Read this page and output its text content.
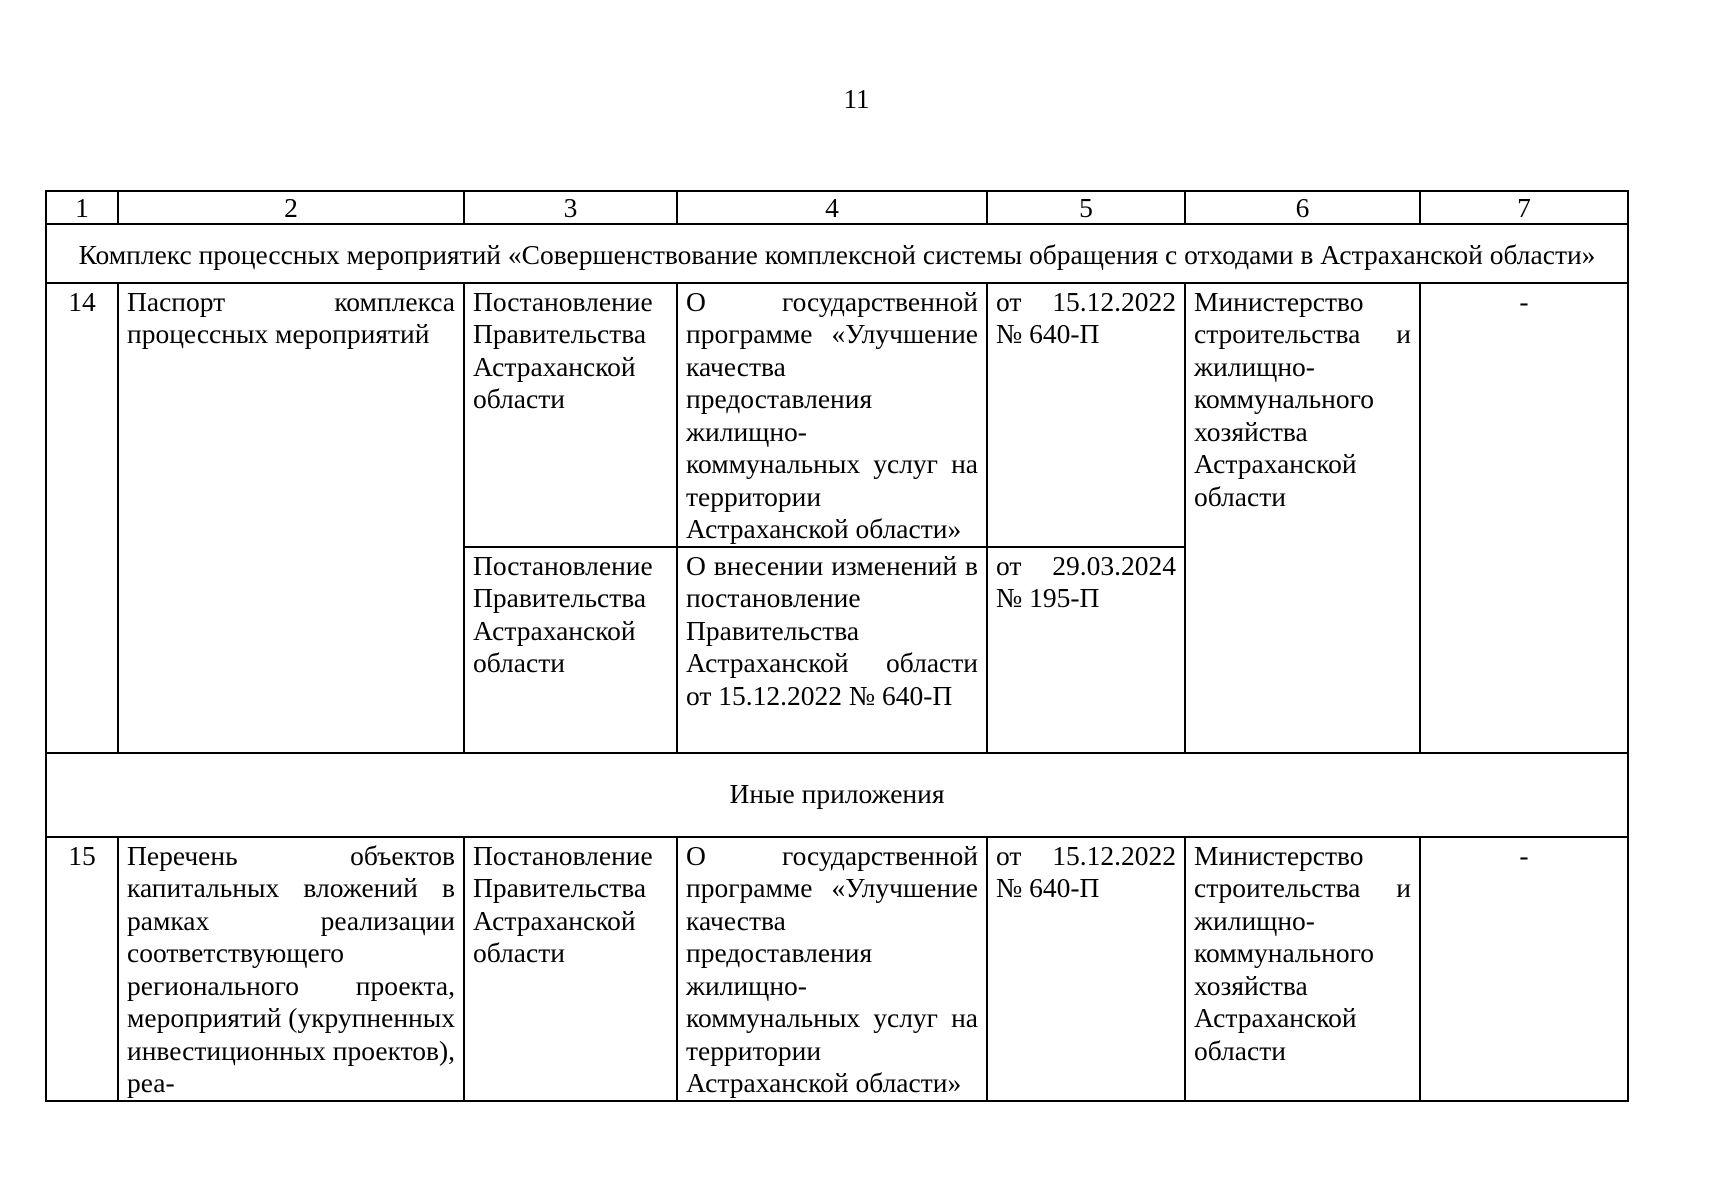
11
1	2	3	4	5	6	7
Комплекс процессных мероприятий «Совершенствование комплексной системы обращения с отходами в Астраханской области»						
14	Паспорт комплекса процессных мероприятий	Постановление Правительства Астраханской области	О государственной программе «Улучшение качества предоставления жилищно-коммунальных услуг на территории Астраханской области»	от 15.12.2022 № 640-П	Министерство строительства и жилищно-коммунального хозяйства Астраханской области	-
		Постановление Правительства Астраханской области	О внесении изменений в постановление Правительства Астраханской области от 15.12.2022 № 640-П	от 29.03.2024 № 195-П		
Иные приложения						
15	Перечень объектов капитальных вложений в рамках реализации соответствующего регионального проекта, мероприятий (укрупненных инвестиционных проектов), реа-	Постановление Правительства Астраханской области	О государственной программе «Улучшение качества предоставления жилищно-коммунальных услуг на территории Астраханской области»	от 15.12.2022 № 640-П	Министерство строительства и жилищно-коммунального хозяйства Астраханской области	-
